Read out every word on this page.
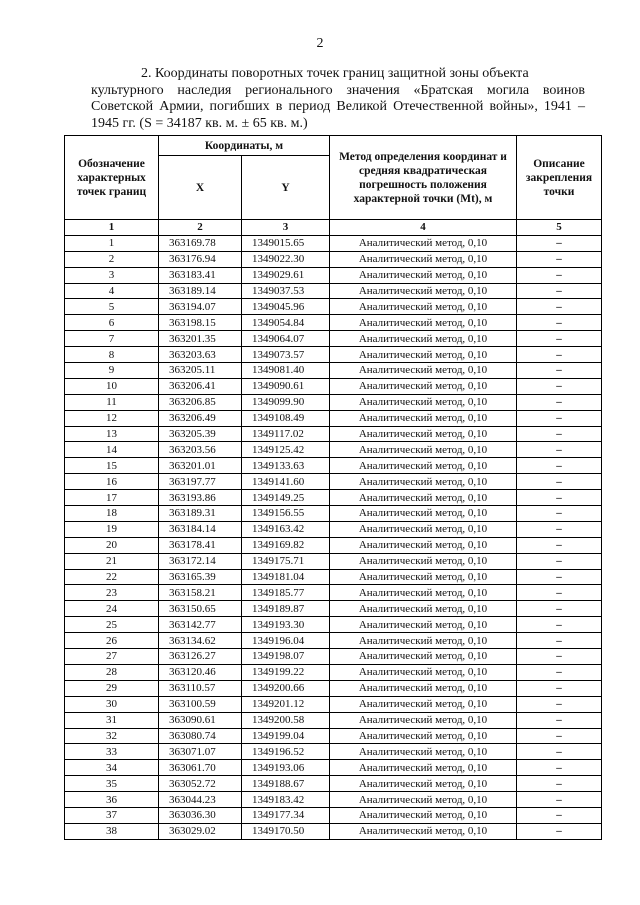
2

2. Координаты поворотных точек границ защитной зоны объекта
культурного наследия регионального значения «Братская могила воинов Советской Армии, погибших в период Великой Отечественной войны», 1941 – 1945 гг. (S = 34187 кв. м. ± 65 кв. м.)

Обозначение характерных точек границ	Координаты, м		Метод определения координат и средняя квадратическая погрешность положения характерной точки (Mt), м	Описание закрепления точки
	X	Y		
1	2	3	4	5
1	363169.78	1349015.65	Аналитический метод, 0,10	–
2	363176.94	1349022.30	Аналитический метод, 0,10	–
3	363183.41	1349029.61	Аналитический метод, 0,10	–
4	363189.14	1349037.53	Аналитический метод, 0,10	–
5	363194.07	1349045.96	Аналитический метод, 0,10	–
6	363198.15	1349054.84	Аналитический метод, 0,10	–
7	363201.35	1349064.07	Аналитический метод, 0,10	–
8	363203.63	1349073.57	Аналитический метод, 0,10	–
9	363205.11	1349081.40	Аналитический метод, 0,10	–
10	363206.41	1349090.61	Аналитический метод, 0,10	–
11	363206.85	1349099.90	Аналитический метод, 0,10	–
12	363206.49	1349108.49	Аналитический метод, 0,10	–
13	363205.39	1349117.02	Аналитический метод, 0,10	–
14	363203.56	1349125.42	Аналитический метод, 0,10	–
15	363201.01	1349133.63	Аналитический метод, 0,10	–
16	363197.77	1349141.60	Аналитический метод, 0,10	–
17	363193.86	1349149.25	Аналитический метод, 0,10	–
18	363189.31	1349156.55	Аналитический метод, 0,10	–
19	363184.14	1349163.42	Аналитический метод, 0,10	–
20	363178.41	1349169.82	Аналитический метод, 0,10	–
21	363172.14	1349175.71	Аналитический метод, 0,10	–
22	363165.39	1349181.04	Аналитический метод, 0,10	–
23	363158.21	1349185.77	Аналитический метод, 0,10	–
24	363150.65	1349189.87	Аналитический метод, 0,10	–
25	363142.77	1349193.30	Аналитический метод, 0,10	–
26	363134.62	1349196.04	Аналитический метод, 0,10	–
27	363126.27	1349198.07	Аналитический метод, 0,10	–
28	363120.46	1349199.22	Аналитический метод, 0,10	–
29	363110.57	1349200.66	Аналитический метод, 0,10	–
30	363100.59	1349201.12	Аналитический метод, 0,10	–
31	363090.61	1349200.58	Аналитический метод, 0,10	–
32	363080.74	1349199.04	Аналитический метод, 0,10	–
33	363071.07	1349196.52	Аналитический метод, 0,10	–
34	363061.70	1349193.06	Аналитический метод, 0,10	–
35	363052.72	1349188.67	Аналитический метод, 0,10	–
36	363044.23	1349183.42	Аналитический метод, 0,10	–
37	363036.30	1349177.34	Аналитический метод, 0,10	–
38	363029.02	1349170.50	Аналитический метод, 0,10	–
